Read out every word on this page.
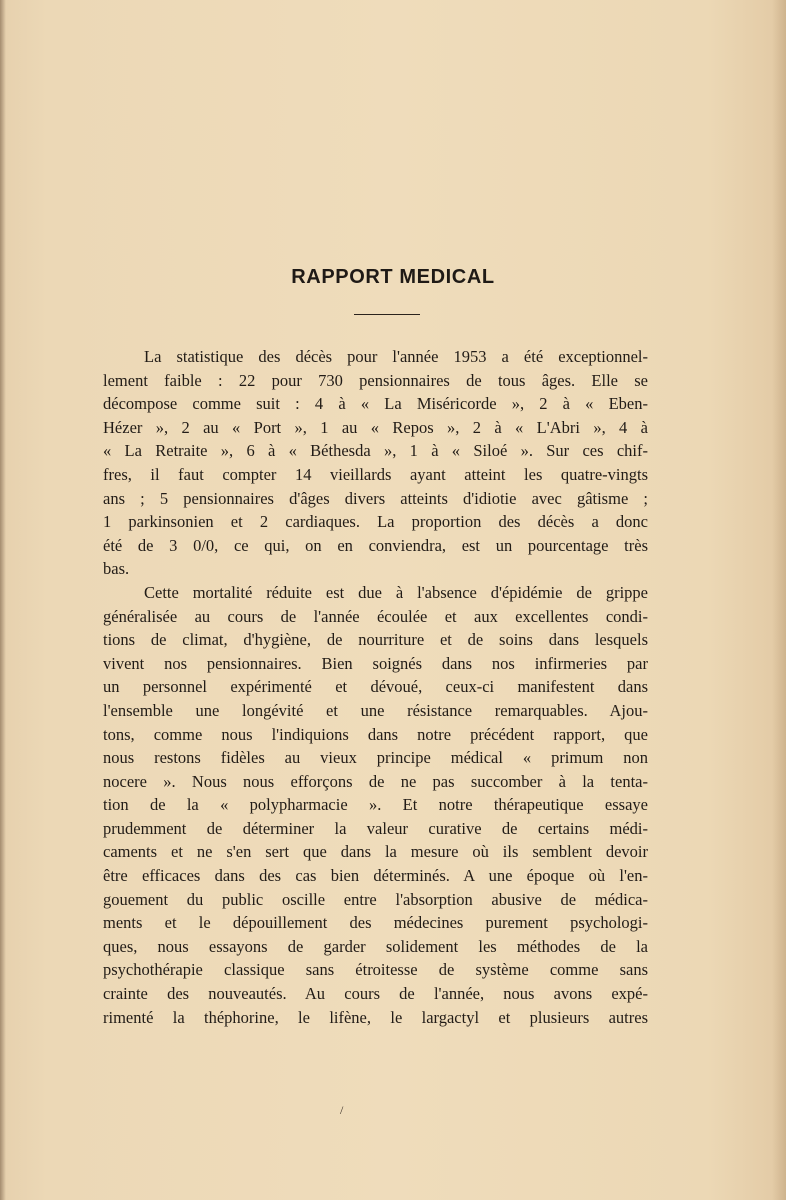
RAPPORT MEDICAL
La statistique des décès pour l'année 1953 a été exceptionnel-
lement faible : 22 pour 730 pensionnaires de tous âges. Elle se
décompose comme suit : 4 à « La Miséricorde », 2 à « Eben-
Hézer », 2 au « Port », 1 au « Repos », 2 à « L'Abri », 4 à
« La Retraite », 6 à « Béthesda », 1 à « Siloé ». Sur ces chif-
fres, il faut compter 14 vieillards ayant atteint les quatre-vingts
ans ; 5 pensionnaires d'âges divers atteints d'idiotie avec gâtisme ;
1 parkinsonien et 2 cardiaques. La proportion des décès a donc
été de 3 0/0, ce qui, on en conviendra, est un pourcentage très
bas.
Cette mortalité réduite est due à l'absence d'épidémie de grippe
généralisée au cours de l'année écoulée et aux excellentes condi-
tions de climat, d'hygiène, de nourriture et de soins dans lesquels
vivent nos pensionnaires. Bien soignés dans nos infirmeries par
un personnel expérimenté et dévoué, ceux-ci manifestent dans
l'ensemble une longévité et une résistance remarquables. Ajou-
tons, comme nous l'indiquions dans notre précédent rapport, que
nous restons fidèles au vieux principe médical « primum non
nocere ». Nous nous efforçons de ne pas succomber à la tenta-
tion de la « polypharmacie ». Et notre thérapeutique essaye
prudemment de déterminer la valeur curative de certains médi-
caments et ne s'en sert que dans la mesure où ils semblent devoir
être efficaces dans des cas bien déterminés. A une époque où l'en-
gouement du public oscille entre l'absorption abusive de médica-
ments et le dépouillement des médecines purement psychologi-
ques, nous essayons de garder solidement les méthodes de la
psychothérapie classique sans étroitesse de système comme sans
crainte des nouveautés. Au cours de l'année, nous avons expé-
rimenté la théphorine, le lifène, le largactyl et plusieurs autres
/
